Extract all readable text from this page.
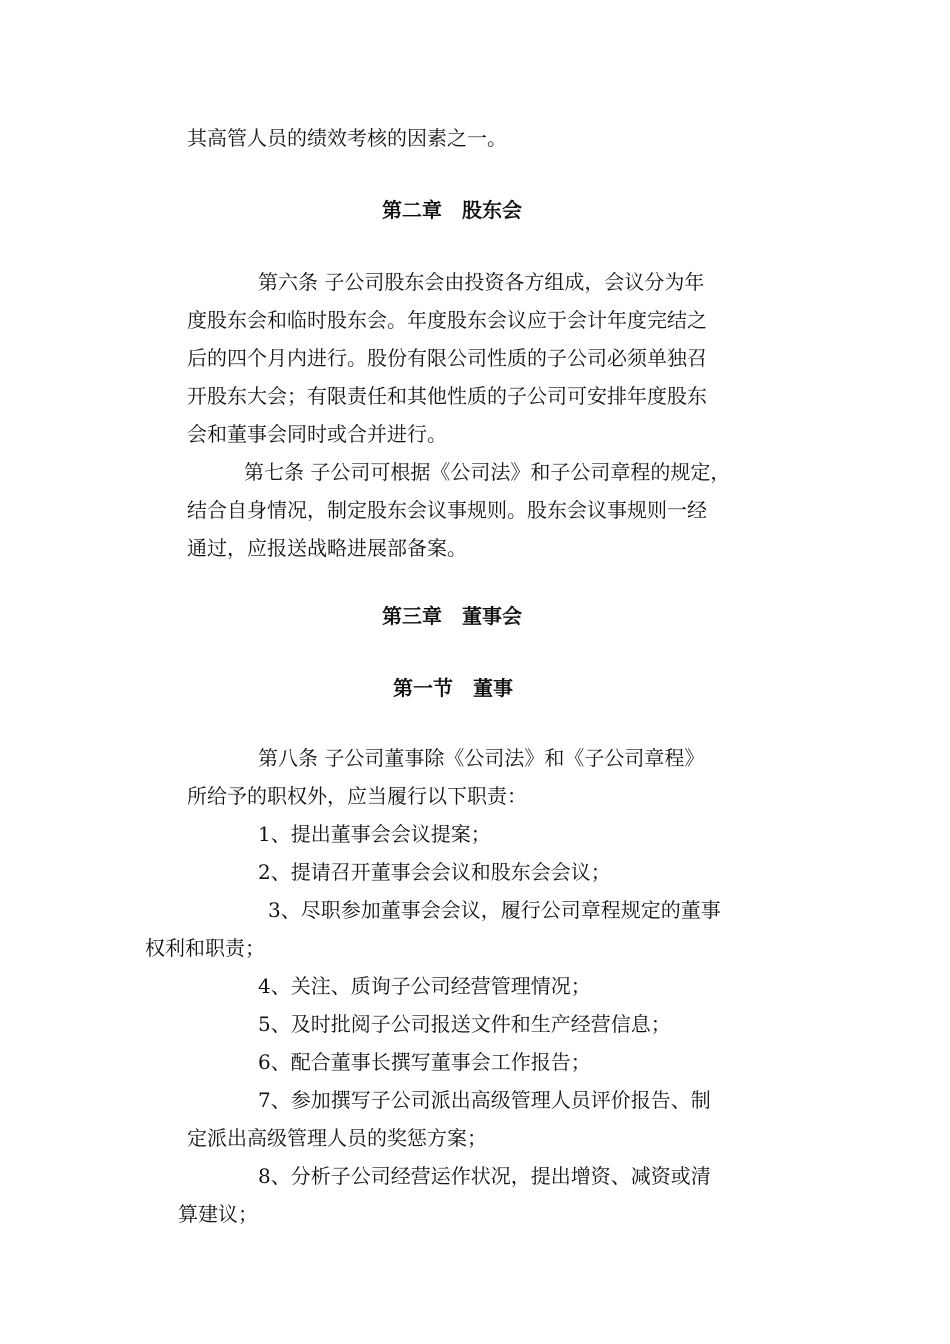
其高管人员的绩效考核的因素之一。
第二章　股东会
第六条 子公司股东会由投资各方组成，会议分为年
度股东会和临时股东会。年度股东会议应于会计年度完结之
后的四个月内进行。股份有限公司性质的子公司必须单独召
开股东大会；有限责任和其他性质的子公司可安排年度股东
会和董事会同时或合并进行。
第七条 子公司可根据《公司法》和子公司章程的规定，
结合自身情况，制定股东会议事规则。股东会议事规则一经
通过，应报送战略进展部备案。
第三章　董事会
第一节　董事
第八条 子公司董事除《公司法》和《子公司章程》
所给予的职权外，应当履行以下职责：
1、提出董事会会议提案；
2、提请召开董事会会议和股东会会议；
3、尽职参加董事会会议，履行公司章程规定的董事
权利和职责；
4、关注、质询子公司经营管理情况；
5、及时批阅子公司报送文件和生产经营信息；
6、配合董事长撰写董事会工作报告；
7、参加撰写子公司派出高级管理人员评价报告、制
定派出高级管理人员的奖惩方案；
8、分析子公司经营运作状况，提出增资、减资或清
算建议；
